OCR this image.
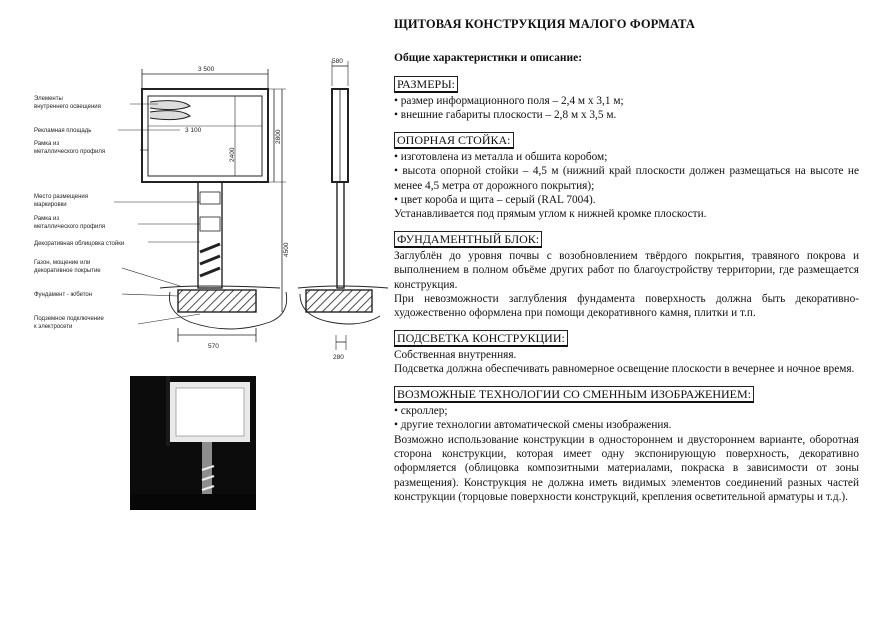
3 500
3 100
2400
2800
4500
570
580
280
Элементы
внутреннего освещения
Рекламная площадь
Рамка из
металлического профиля
Место размещения
маркировки
Рамка из
металлического профиля
Декоративная облицовка стойки
Газон, мощение или
декоративное покрытие
Фундамент - ж/бетон
Подземное подключение
к электросети
ЩИТОВАЯ КОНСТРУКЦИЯ МАЛОГО ФОРМАТА
Общие характеристики и описание:
РАЗМЕРЫ:

• размер информационного поля – 2,4 м х 3,1 м;

• внешние габариты плоскости – 2,8 м х 3,5 м.

ОПОРНАЯ СТОЙКА:

• изготовлена из металла и обшита коробом;

• высота опорной стойки – 4,5 м (нижний край плоскости должен размещаться на высоте не менее 4,5 метра от дорожного покрытия);

• цвет короба и щита – серый (RAL 7004).

Устанавливается под прямым углом к нижней кромке плоскости.

ФУНДАМЕНТНЫЙ БЛОК:

Заглублён до уровня почвы с возобновлением твёрдого покрытия, травяного покрова и выполнением в полном объёме других работ по благоустройству территории, где размещается конструкция.

При невозможности заглубления фундамента поверхность должна быть декоративно-художественно оформлена при помощи декоративного камня, плитки и т.п.

ПОДСВЕТКА КОНСТРУКЦИИ:

Собственная внутренняя.

Подсветка должна обеспечивать равномерное освещение плоскости в вечернее и ночное время.

ВОЗМОЖНЫЕ ТЕХНОЛОГИИ СО СМЕННЫМ ИЗОБРАЖЕНИЕМ:

• скроллер;

• другие технологии автоматической смены изображения.

Возможно использование конструкции в одностороннем и двустороннем варианте, оборотная сторона конструкции, которая имеет одну экспонирующую поверхность, декоративно оформляется (облицовка композитными материалами, покраска в зависимости от зоны размещения). Конструкция не должна иметь видимых элементов соединений разных частей конструкции (торцовые поверхности конструкций, крепления осветительной арматуры и т.д.).
